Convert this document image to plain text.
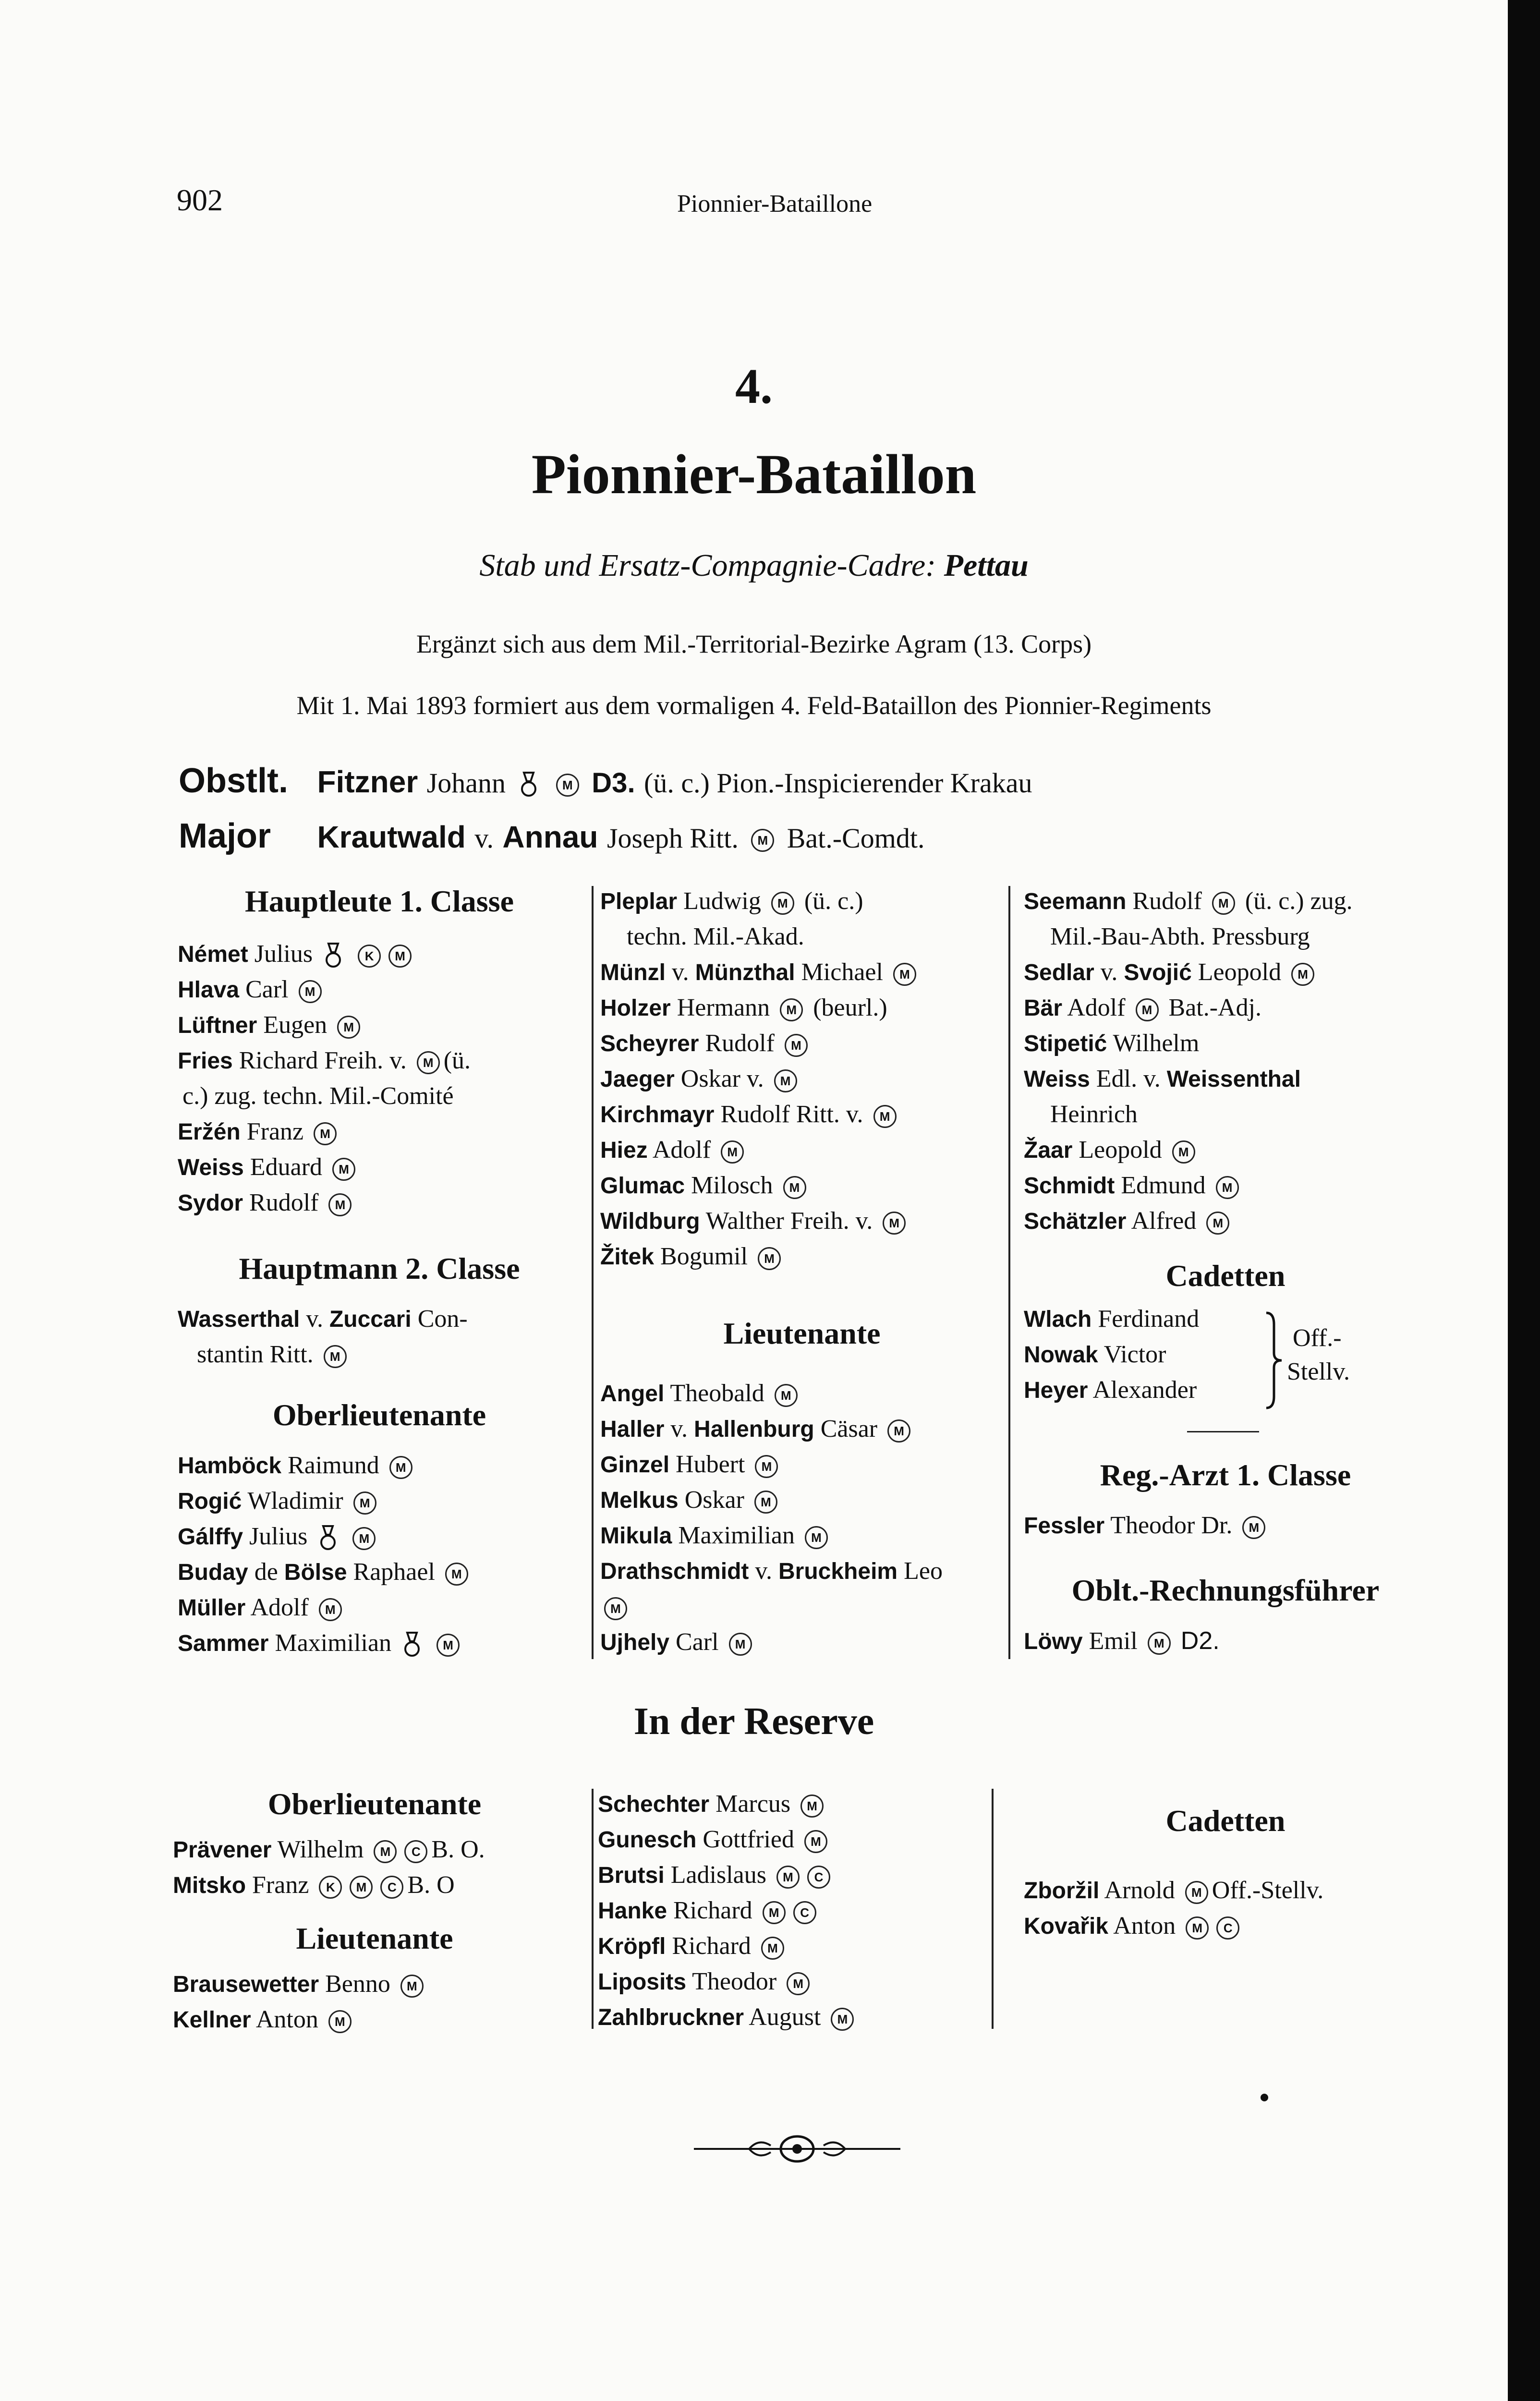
902	Pionnier-Bataillone
4.
Pionnier-Bataillon
Stab und Ersatz-Compagnie-Cadre: Pettau
Ergänzt sich aus dem Mil.-Territorial-Bezirke Agram (13. Corps)
Mit 1. Mai 1893 formiert aus dem vormaligen 4. Feld-Bataillon des Pionnier-Regiments
Obstlt. Fitzner Johann	M D3. (ü. c.) Pion.-Inspicierender Krakau
Major Krautwald v. Annau Joseph Ritt. M Bat.-Comdt.
Hauptleute 1. Classe
Német Julius	K M
Hlava Carl M
Lüftner Eugen M
Fries Richard Freih. v. M (ü.
c.) zug. techn. Mil.-Comité
Eržén Franz M
Weiss Eduard M
Sydor Rudolf M
Hauptmann 2. Classe
Wasserthal v. Zuccari Con-
stantin Ritt. M
Oberlieutenante
Hamböck Raimund M
Rogić Wladimir M
Gálffy Julius	M
Buday de Bölse Raphael M
Müller Adolf M
Sammer Maximilian	M
Pleplar Ludwig M (ü. c.)
techn. Mil.-Akad.
Münzl v. Münzthal Michael M
Holzer Hermann M (beurl.)
Scheyrer Rudolf M
Jaeger Oskar v. M
Kirchmayr Rudolf Ritt. v. M
Hiez Adolf M
Glumac Milosch M
Wildburg Walther Freih. v. M
Žitek Bogumil M
Lieutenante
Angel Theobald M
Haller v. Hallenburg Cäsar M
Ginzel Hubert M
Melkus Oskar M
Mikula Maximilian M
Drathschmidt v. Bruckheim Leo
M
Ujhely Carl M
Seemann Rudolf M (ü. c.) zug.
Mil.-Bau-Abth. Pressburg
Sedlar v. Svojić Leopold M
Bär Adolf M Bat.-Adj.
Stipetić Wilhelm
Weiss Edl. v. Weissenthal
Heinrich
Žaar Leopold M
Schmidt Edmund M
Schätzler Alfred M
Cadetten
Wlach Ferdinand
Nowak Victor
Heyer Alexander
Off.-
Stellv.
Reg.-Arzt 1. Classe
Fessler Theodor Dr. M
Oblt.-Rechnungsführer
Löwy Emil M D2.
In der Reserve
Oberlieutenante
Prävener Wilhelm M C B. O.
Mitsko Franz K M C B. O
Lieutenante
Brausewetter Benno M
Kellner Anton M
Schechter Marcus M
Gunesch Gottfried M
Brutsi Ladislaus M C
Hanke Richard M C
Kröpfl Richard M
Liposits Theodor M
Zahlbruckner August M
Cadetten
Zboržil Arnold M Off.-Stellv.
Kovařik Anton M C
